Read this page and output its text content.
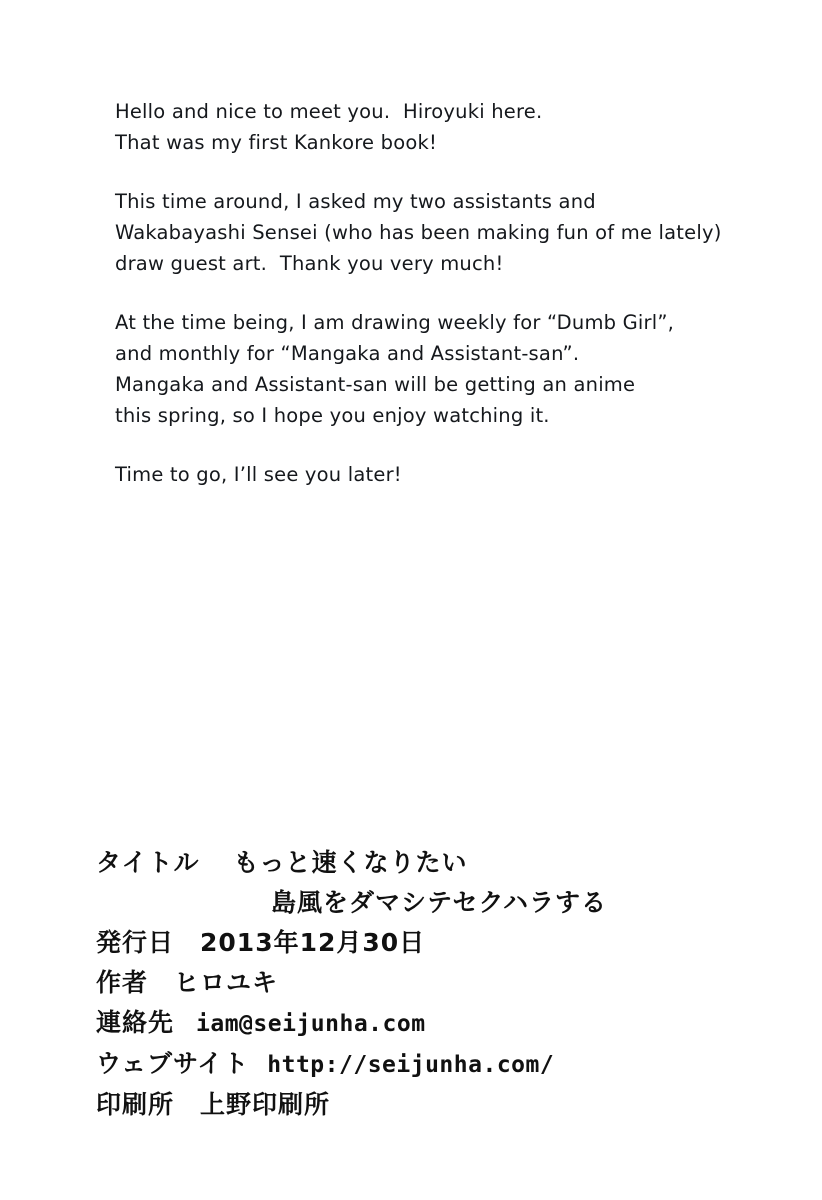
Hello and nice to meet you.  Hiroyuki here.
That was my first Kankore book!
This time around, I asked my two assistants and
Wakabayashi Sensei (who has been making fun of me lately)
draw guest art.  Thank you very much!
At the time being, I am drawing weekly for “Dumb Girl”,
and monthly for “Mangaka and Assistant-san”.
Mangaka and Assistant-san will be getting an anime
this spring, so I hope you enjoy watching it.
Time to go, I’ll see you later!
タイトル もっと速くなりたい
島風をダマシテセクハラする
発行日 2013年12月30日
作者 ヒロユキ
連絡先 iam@seijunha.com
ウェブサイト http://seijunha.com/
印刷所 上野印刷所
